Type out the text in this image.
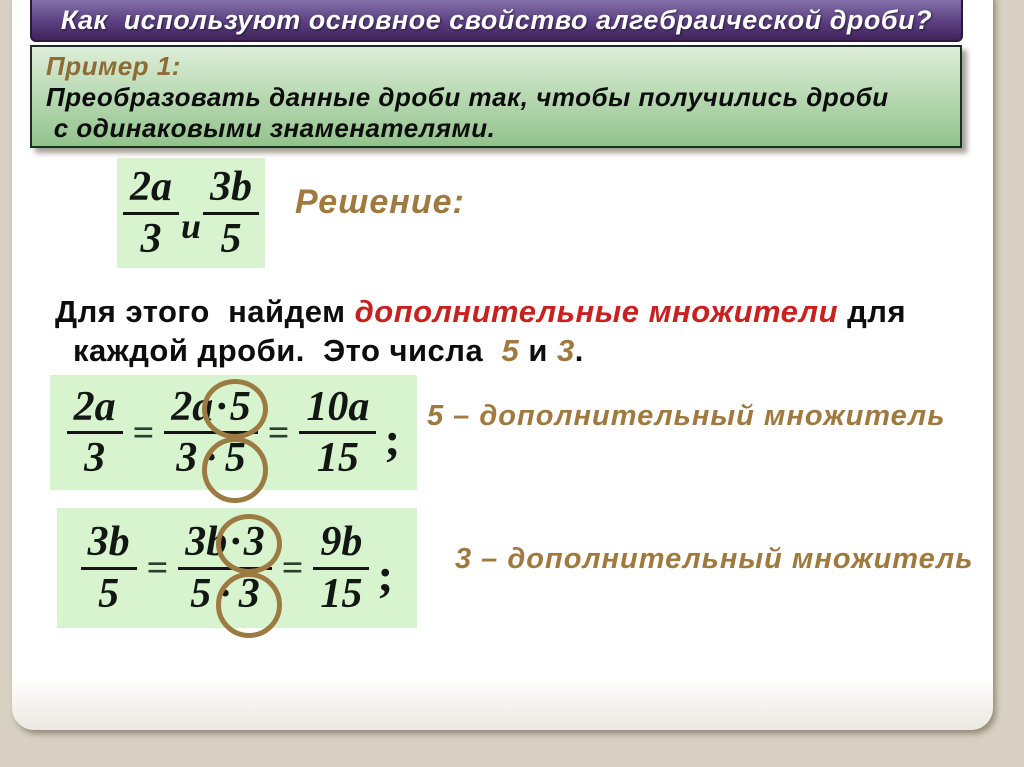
Как  используют основное свойство алгебраической дроби?
Пример 1:
Преобразовать данные дроби так, чтобы получились дроби
с одинаковыми знаменателями.
$\frac{2a}{3}$ и $\frac{3b}{5}$ Решение:
Для этого  найдем дополнительные множители для
каждой дроби.  Это числа  5 и 3.
$\frac{2a}{3} = \frac{2a \cdot 5}{3 \cdot 5} = \frac{10a}{15}$ ; 5 – дополнительный множитель
$\frac{3b}{5} = \frac{3b \cdot 3}{5 \cdot 3} = \frac{9b}{15}$ ; 3 – дополнительный множитель
